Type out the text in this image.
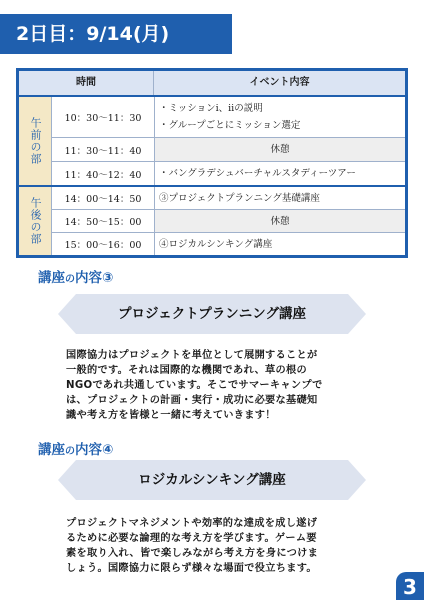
2日目：9/14(月)
時間	イベント内容
午前の部	10：30〜11：30
・ミッションⅰ、ⅱの説明
・グループごとにミッション選定
11：30〜11：40	休憩
11：40〜12：40	・バングラデシュバーチャルスタディーツアー
午後の部	14：00〜14：50	③プロジェクトプランニング基礎講座
14：50〜15：00	休憩
15：00〜16：00	④ロジカルシンキング講座
講座の内容③
プロジェクトプランニング講座
国際協力はプロジェクトを単位として展開することが
一般的です。それは国際的な機関であれ、草の根の
NGOであれ共通しています。そこでサマーキャンプで
は、プロジェクトの計画・実行・成功に必要な基礎知
識や考え方を皆様と一緒に考えていきます！
講座の内容④
ロジカルシンキング講座
プロジェクトマネジメントや効率的な達成を成し遂げ
るために必要な論理的な考え方を学びます。ゲーム要
素を取り入れ、皆で楽しみながら考え方を身につけま
しょう。国際協力に限らず様々な場面で役立ちます。
3
